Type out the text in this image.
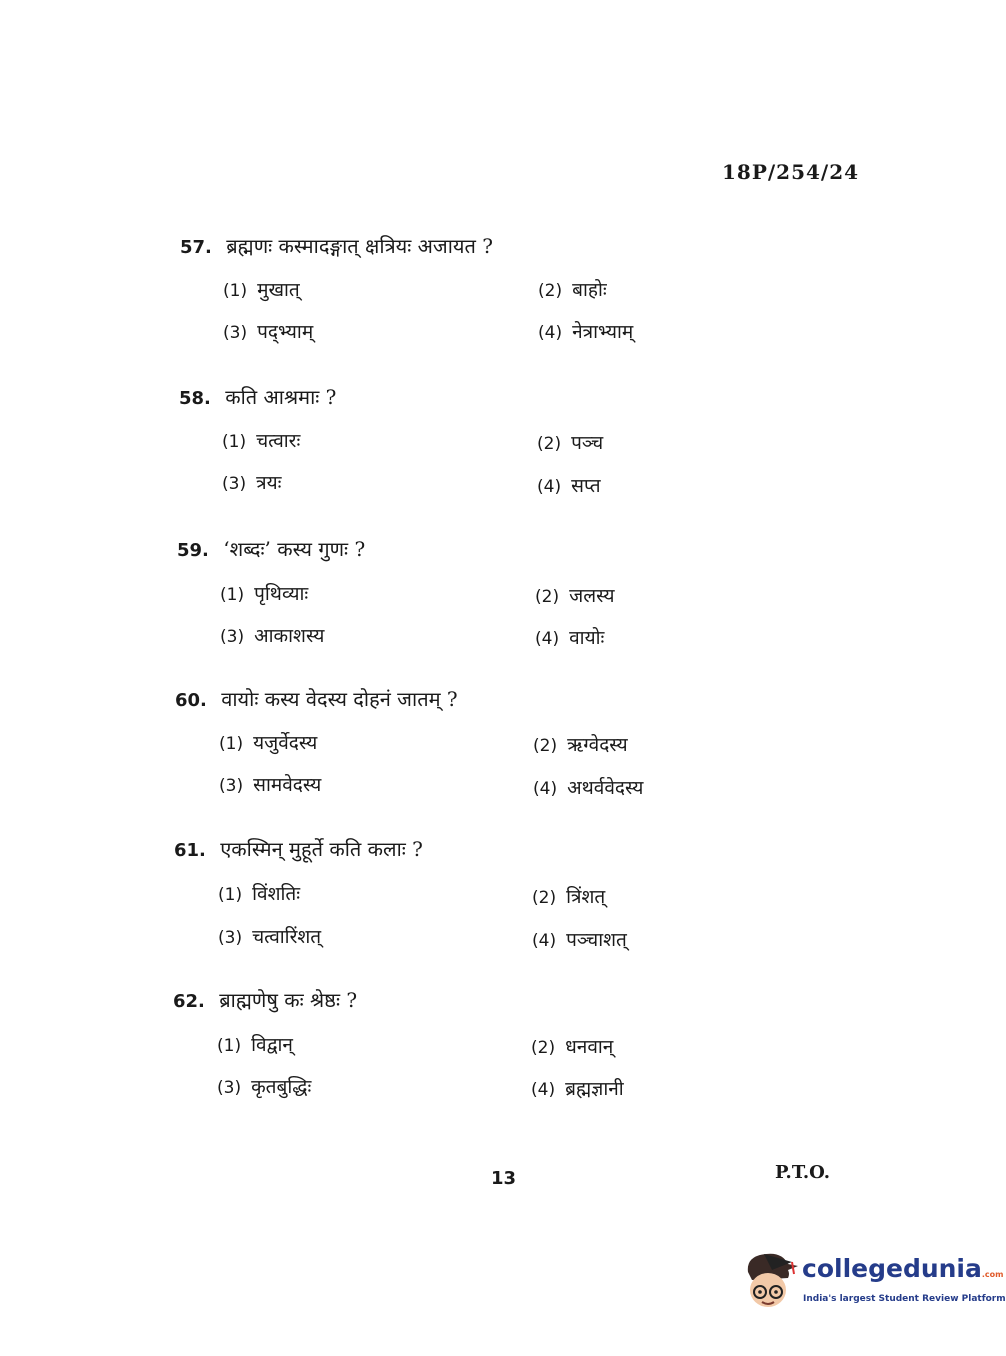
18P/254/24
57. ब्रह्मणः कस्मादङ्गात् क्षत्रियः अजायत ?
(1) मुखात्	(2) बाहोः
(3) पद्भ्याम्	(4) नेत्राभ्याम्
58. कति आश्रमाः ?
(1) चत्वारः	(2) पञ्च
(3) त्रयः	(4) सप्त
59. ‘शब्दः’ कस्य गुणः ?
(1) पृथिव्याः	(2) जलस्य
(3) आकाशस्य	(4) वायोः
60. वायोः कस्य वेदस्य दोहनं जातम् ?
(1) यजुर्वेदस्य	(2) ऋग्वेदस्य
(3) सामवेदस्य	(4) अथर्ववेदस्य
61. एकस्मिन् मुहूर्ते कति कलाः ?
(1) विंशतिः	(2) त्रिंशत्
(3) चत्वारिंशत्	(4) पञ्चाशत्
62. ब्राह्मणेषु कः श्रेष्ठः ?
(1) विद्वान्	(2) धनवान्
(3) कृतबुद्धिः	(4) ब्रह्मज्ञानी
13	P.T.O.
collegedunia.com
India's largest Student Review Platform
